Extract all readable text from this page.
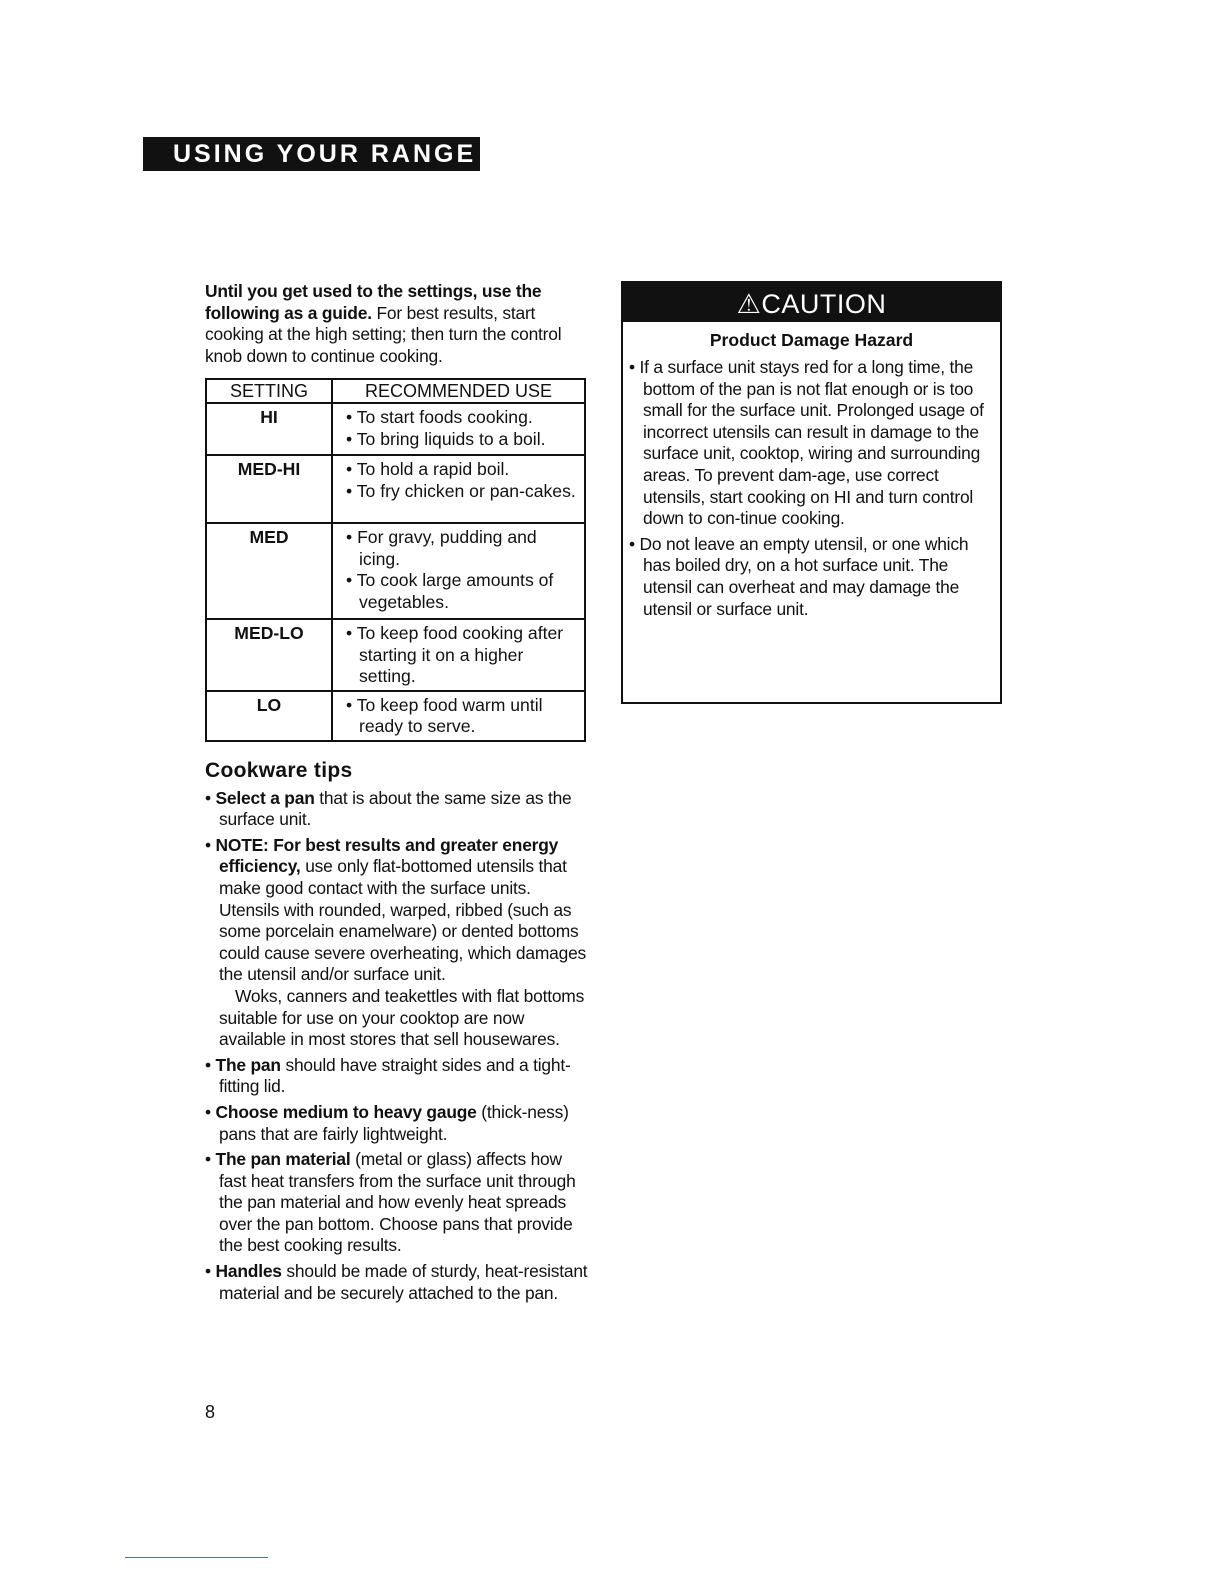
USING YOUR RANGE
Until you get used to the settings, use the following as a guide. For best results, start cooking at the high setting; then turn the control knob down to continue cooking.
SETTING	RECOMMENDED USE
HI	• To start foods cooking.
• To bring liquids to a boil.

MED-HI	• To hold a rapid boil.
• To fry chicken or pan-cakes.

MED	• For gravy, pudding and icing.
• To cook large amounts of vegetables.

MED-LO	• To keep food cooking after starting it on a higher setting.

LO	• To keep food warm until ready to serve.
Cookware tips
• Select a pan that is about the same size as the surface unit.
• NOTE: For best results and greater energy efficiency, use only flat-bottomed utensils that make good contact with the surface units. Utensils with rounded, warped, ribbed (such as some porcelain enamelware) or dented bottoms could cause severe overheating, which damages the utensil and/or surface unit.
Woks, canners and teakettles with flat bottoms suitable for use on your cooktop are now available in most stores that sell housewares.
• The pan should have straight sides and a tight-fitting lid.
• Choose medium to heavy gauge (thick-ness) pans that are fairly lightweight.
• The pan material (metal or glass) affects how fast heat transfers from the surface unit through the pan material and how evenly heat spreads over the pan bottom. Choose pans that provide the best cooking results.
• Handles should be made of sturdy, heat-resistant material and be securely attached to the pan.
8
⚠CAUTION
Product Damage Hazard
• If a surface unit stays red for a long time, the bottom of the pan is not flat enough or is too small for the surface unit. Prolonged usage of incorrect utensils can result in damage to the surface unit, cooktop, wiring and surrounding areas. To prevent dam-age, use correct utensils, start cooking on HI and turn control down to con-tinue cooking.
• Do not leave an empty utensil, or one which has boiled dry, on a hot surface unit. The utensil can overheat and may damage the utensil or surface unit.
